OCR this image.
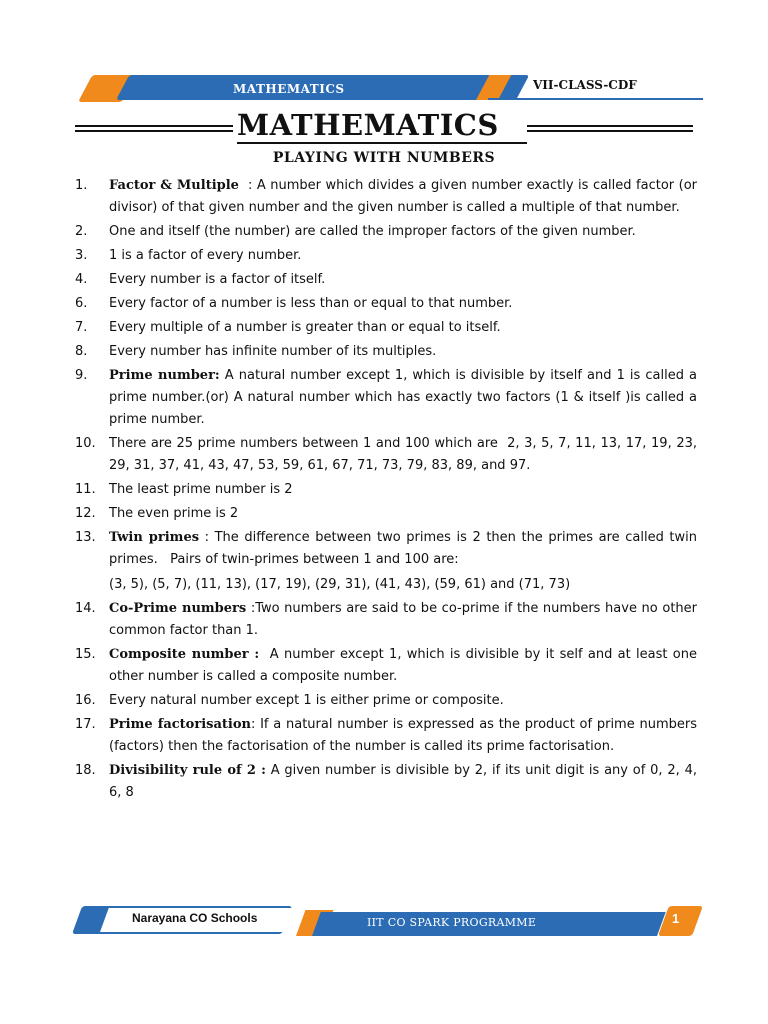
MATHEMATICS	VII-CLASS-CDF
MATHEMATICS
PLAYING WITH NUMBERS
1.	Factor & Multiple  : A number which divides a given number exactly is called factor (or divisor) of that given number and the given number is called a multiple of that number.
2.	One and itself (the number) are called the improper factors of the given number.
3.	1 is a factor of every number.
4.	Every number is a factor of itself.
6.	Every factor of a number is less than or equal to that number.
7.	Every multiple of a number is greater than or equal to itself.
8.	Every number has infinite number of its multiples.
9.	Prime number: A natural number except 1, which is divisible by itself and 1 is called a prime number.(or) A natural number which has exactly two factors (1 & itself )is called a prime number.
10.	There are 25 prime numbers between 1 and 100 which are  2, 3, 5, 7, 11, 13, 17, 19, 23, 29, 31, 37, 41, 43, 47, 53, 59, 61, 67, 71, 73, 79, 83, 89, and 97.
11.	The least prime number is 2
12.	The even prime is 2
13.	Twin primes : The difference between two primes is 2 then the primes are called twin primes.   Pairs of twin-primes between 1 and 100 are:
(3, 5), (5, 7), (11, 13), (17, 19), (29, 31), (41, 43), (59, 61) and (71, 73)
14.	Co-Prime numbers :Two numbers are said to be co-prime if the numbers have no other common factor than 1.
15.	Composite number :  A number except 1, which is divisible by it self and at least one other number is called a composite number.
16.	Every natural number except 1 is either prime or composite.
17.	Prime factorisation: If a natural number is expressed as the product of prime numbers (factors) then the factorisation of the number is called its prime factorisation.
18.	Divisibility rule of 2 : A given number is divisible by 2, if its unit digit is any of 0, 2, 4, 6, 8
Narayana CO Schools	IIT CO SPARK PROGRAMME	1
